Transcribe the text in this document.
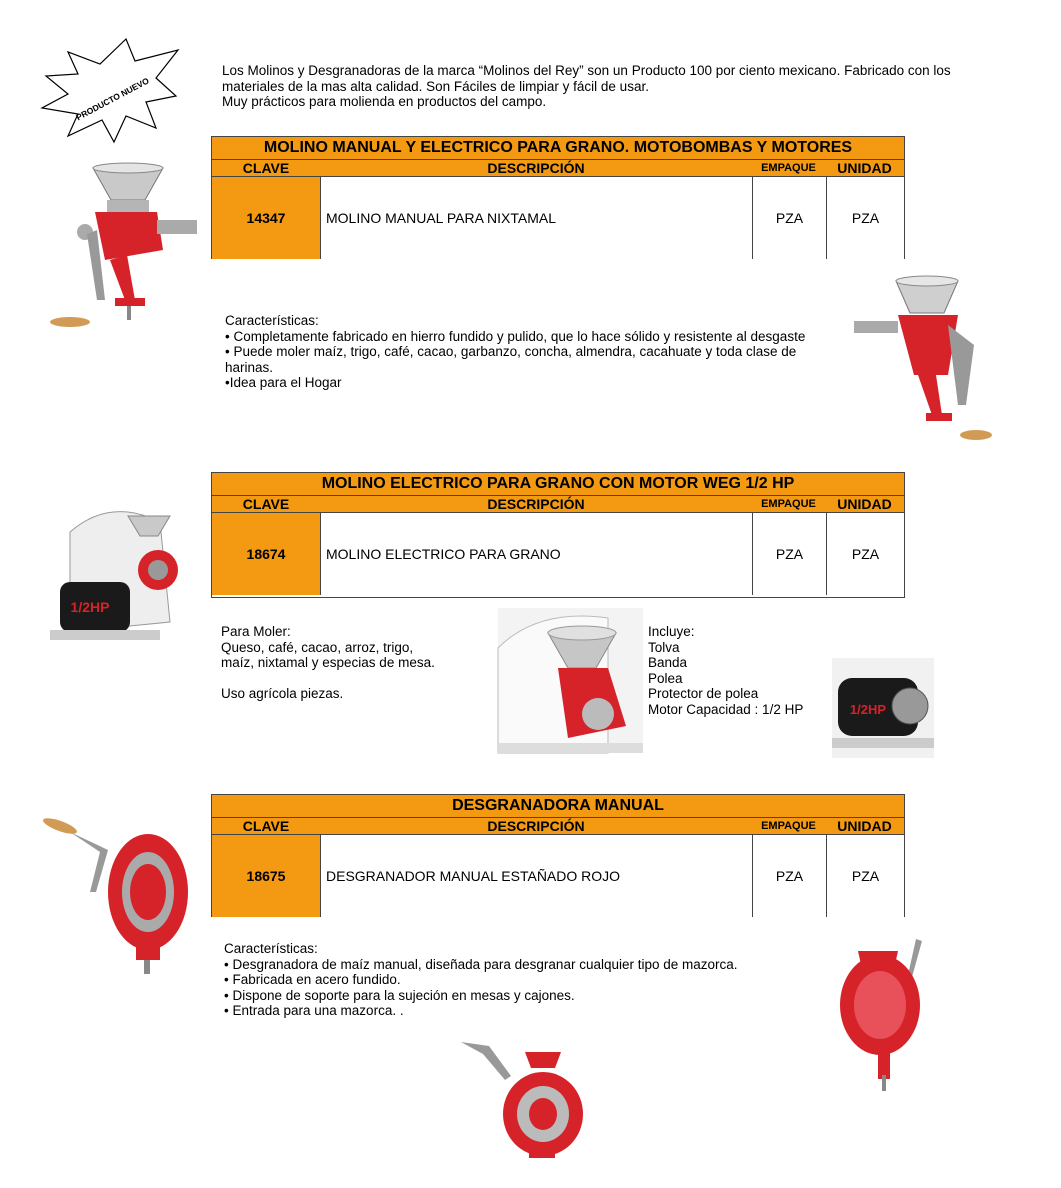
PRODUCTO NUEVO
Los Molinos y Desgranadoras de la marca “Molinos del Rey” son un Producto 100 por ciento mexicano. Fabricado con los
materiales de la mas alta calidad. Son Fáciles de limpiar y fácil de usar.
Muy prácticos para molienda en productos del campo.
MOLINO MANUAL Y ELECTRICO PARA GRANO. MOTOBOMBAS Y MOTORES
CLAVE	DESCRIPCIÓN	EMPAQUE	UNIDAD
14347	MOLINO MANUAL PARA NIXTAMAL	PZA	PZA
Características:
• Completamente fabricado en hierro fundido y pulido, que lo hace sólido y resistente al desgaste
• Puede moler maíz, trigo, café, cacao, garbanzo, concha, almendra, cacahuate y toda clase de
harinas.
•Idea para el Hogar
MOLINO ELECTRICO PARA GRANO CON MOTOR WEG 1/2 HP
CLAVE	DESCRIPCIÓN	EMPAQUE	UNIDAD
18674	MOLINO ELECTRICO PARA GRANO	PZA	PZA
1/2HP
Para Moler:
Queso, café, cacao, arroz, trigo,
maíz, nixtamal y especias de mesa.

Uso agrícola piezas.
Incluye:
Tolva
Banda
Polea
Protector de polea
Motor Capacidad : 1/2 HP	1/2HP
DESGRANADORA MANUAL
CLAVE	DESCRIPCIÓN	EMPAQUE	UNIDAD
18675	DESGRANADOR MANUAL ESTAÑADO ROJO	PZA	PZA
Características:
• Desgranadora de maíz manual, diseñada para desgranar cualquier tipo de mazorca.
• Fabricada en acero fundido.
• Dispone de soporte para la sujeción en mesas y cajones.
• Entrada para una mazorca. .
